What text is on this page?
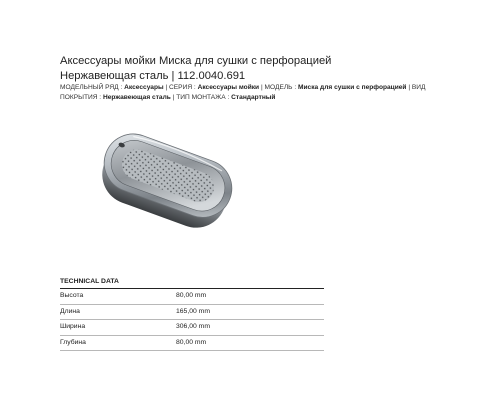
Аксессуары мойки Миска для сушки с перфорацией
Нержавеющая сталь | 112.0040.691
МОДЕЛЬНЫЙ РЯД : Аксессуары | СЕРИЯ : Аксессуары мойки | МОДЕЛЬ : Миска для сушки с перфорацией | ВИД ПОКРЫТИЯ : Нержавеющая сталь | ТИП МОНТАЖА : Стандартный
TECHNICAL DATA
Высота	80,00 mm
Длина	165,00 mm
Ширина	306,00 mm
Глубина	80,00 mm
